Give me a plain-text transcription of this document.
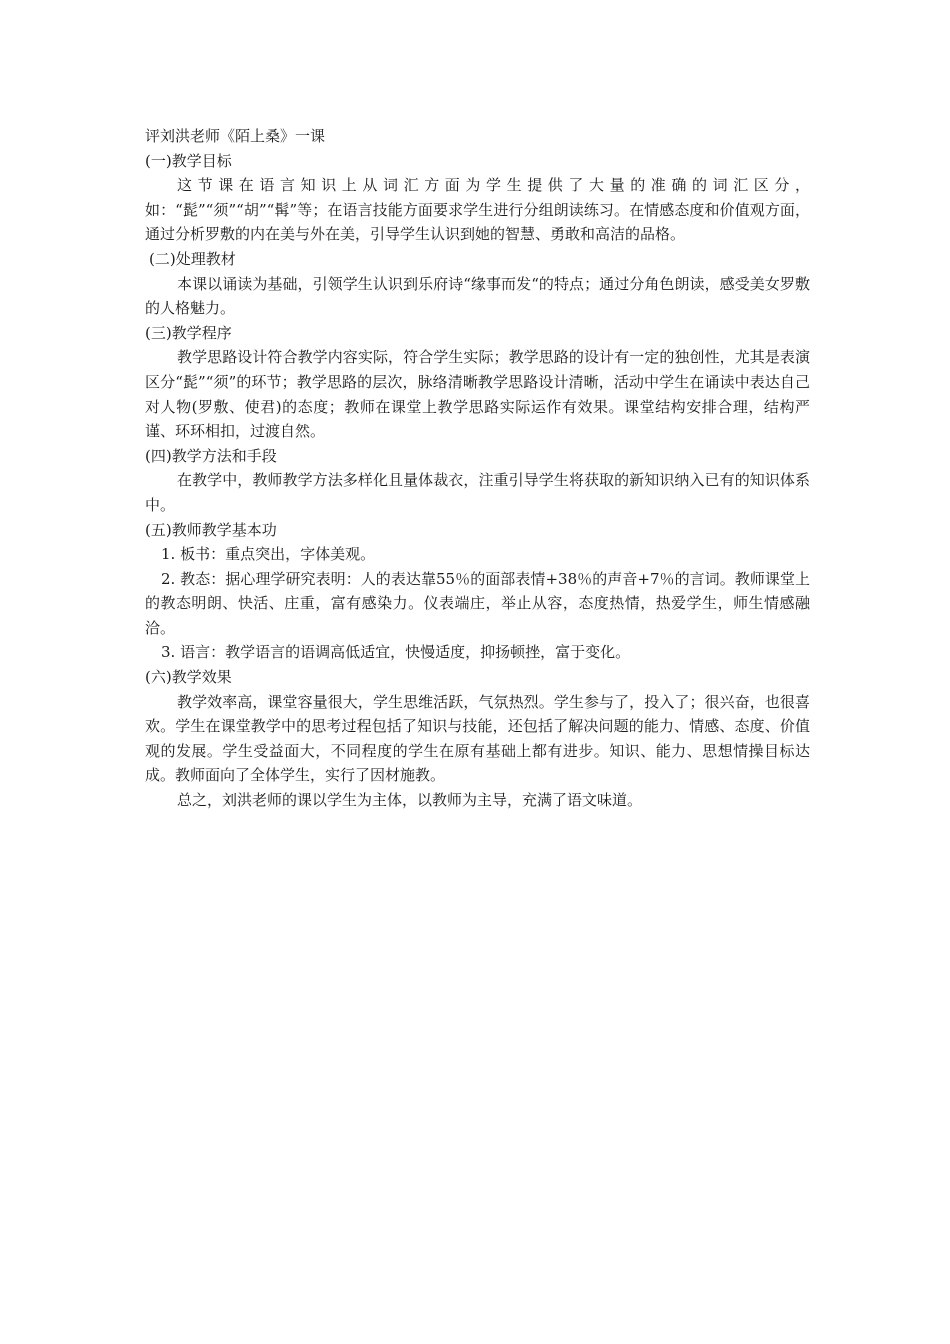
评刘洪老师《陌上桑》一课

(一)教学目标

这节课在语言知识上从词汇方面为学生提供了大量的准确的词汇区分，如：“髭”“须”“胡”“髯”等；在语言技能方面要求学生进行分组朗读练习。在情感态度和价值观方面，通过分析罗敷的内在美与外在美，引导学生认识到她的智慧、勇敢和高洁的品格。

(二)处理教材

本课以诵读为基础，引领学生认识到乐府诗“缘事而发“的特点；通过分角色朗读，感受美女罗敷的人格魅力。

(三)教学程序

教学思路设计符合教学内容实际，符合学生实际；教学思路的设计有一定的独创性，尤其是表演区分“髭”“须”的环节；教学思路的层次，脉络清晰教学思路设计清晰，活动中学生在诵读中表达自己对人物(罗敷、使君)的态度；教师在课堂上教学思路实际运作有效果。课堂结构安排合理，结构严谨、环环相扣，过渡自然。

(四)教学方法和手段

在教学中，教师教学方法多样化且量体裁衣，注重引导学生将获取的新知识纳入已有的知识体系中。

(五)教师教学基本功

1. 板书：重点突出，字体美观。

2. 教态：据心理学研究表明：人的表达靠55％的面部表情+38％的声音+7％的言词。教师课堂上的教态明朗、快活、庄重，富有感染力。仪表端庄，举止从容，态度热情，热爱学生，师生情感融洽。

3. 语言：教学语言的语调高低适宜，快慢适度，抑扬顿挫，富于变化。

(六)教学效果

教学效率高，课堂容量很大，学生思维活跃，气氛热烈。学生参与了，投入了；很兴奋，也很喜欢。学生在课堂教学中的思考过程包括了知识与技能，还包括了解决问题的能力、情感、态度、价值观的发展。学生受益面大，不同程度的学生在原有基础上都有进步。知识、能力、思想情操目标达成。教师面向了全体学生，实行了因材施教。

总之，刘洪老师的课以学生为主体，以教师为主导，充满了语文味道。
